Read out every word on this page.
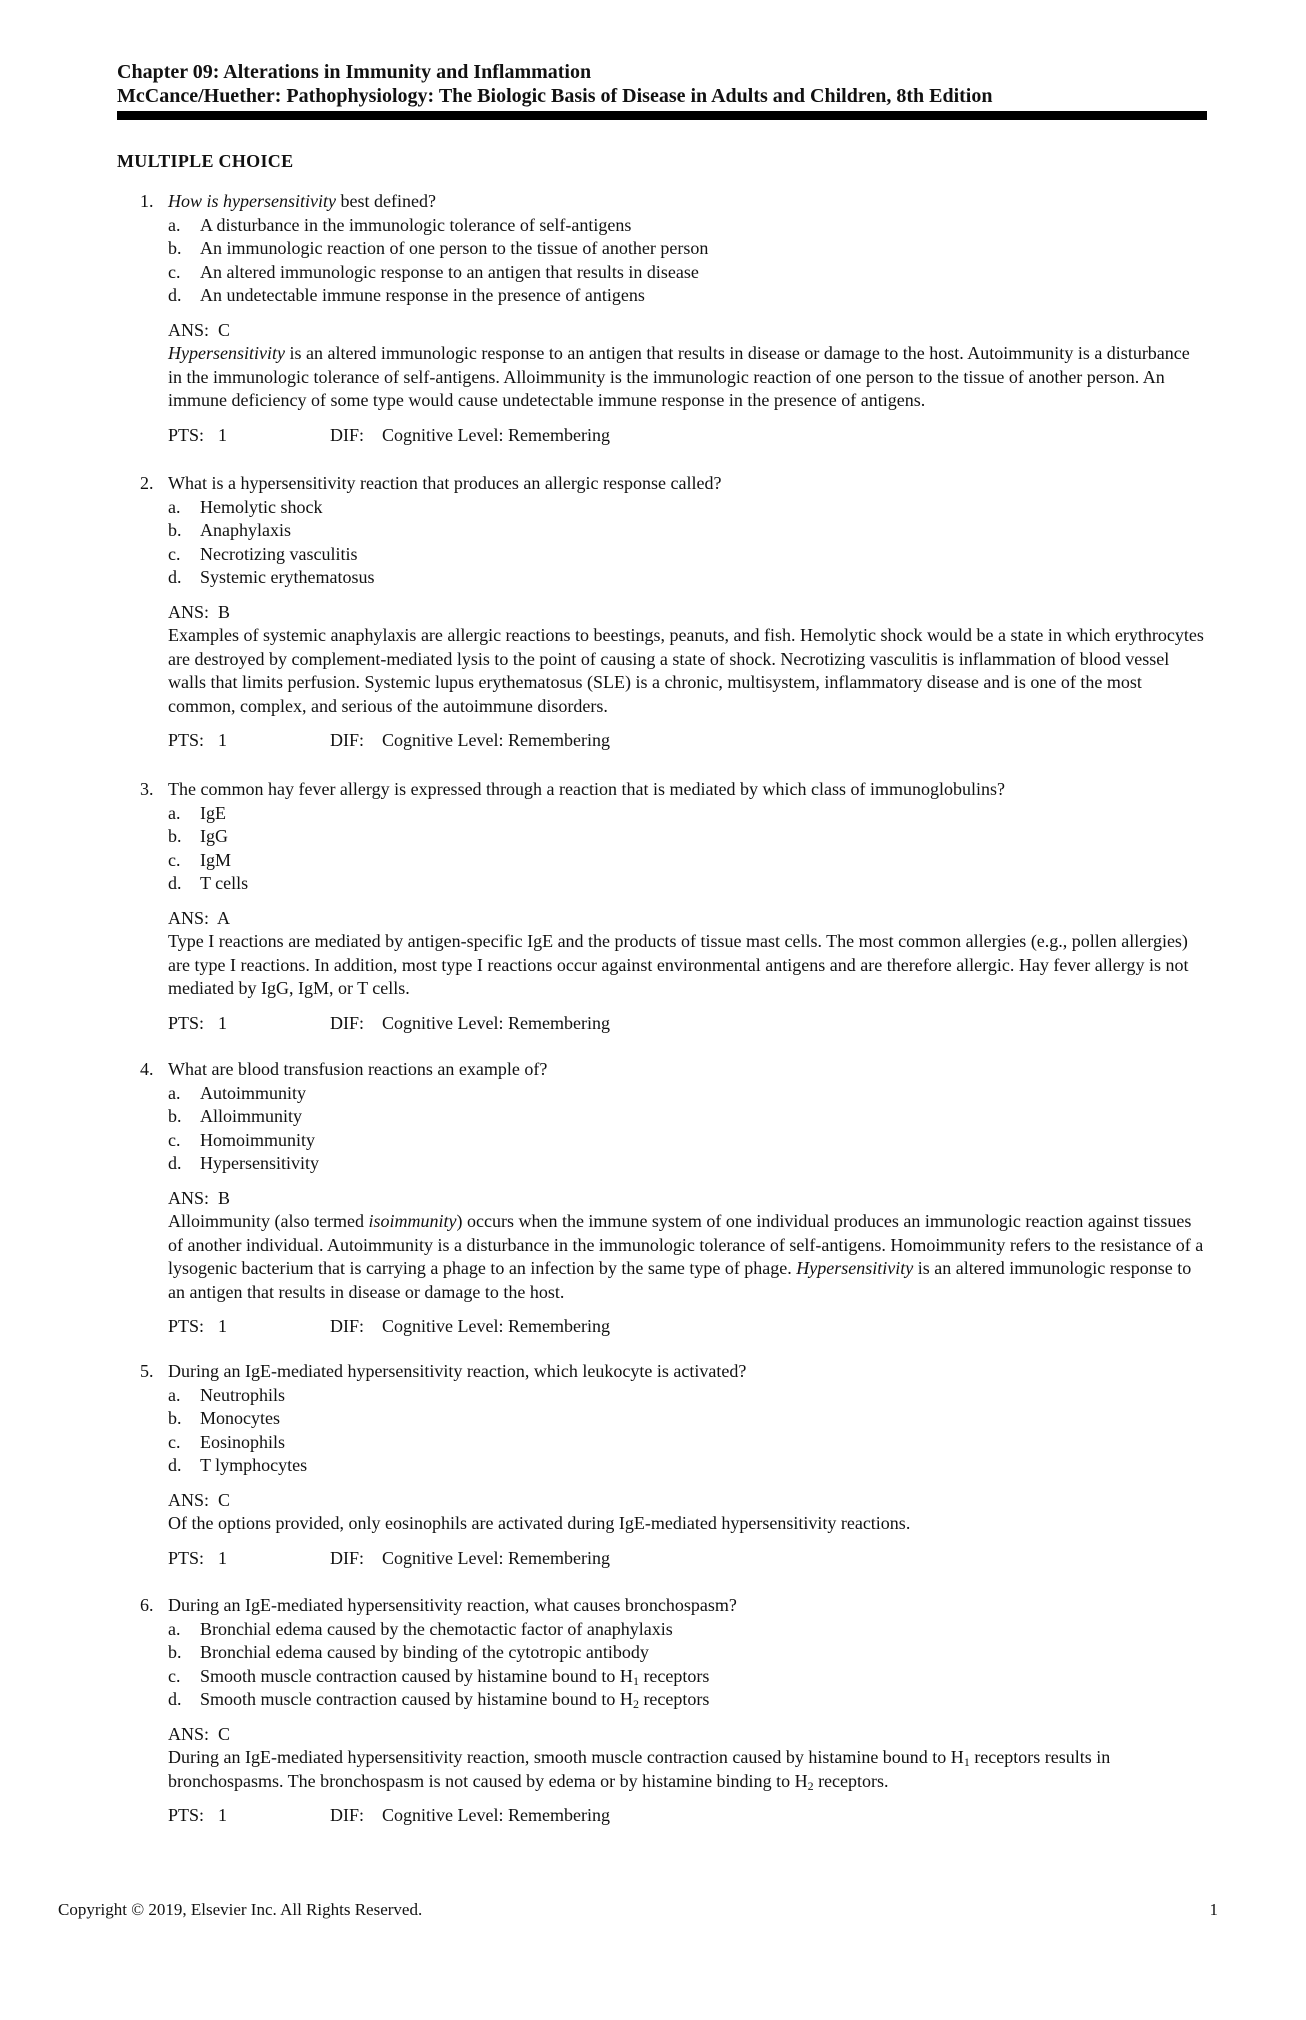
Chapter 09: Alterations in Immunity and Inflammation
McCance/Huether: Pathophysiology: The Biologic Basis of Disease in Adults and Children, 8th Edition
MULTIPLE CHOICE
1. How is hypersensitivity best defined?
a.	A disturbance in the immunologic tolerance of self-antigens
b.	An immunologic reaction of one person to the tissue of another person
c.	An altered immunologic response to an antigen that results in disease
d.	An undetectable immune response in the presence of antigens
ANS: C
Hypersensitivity is an altered immunologic response to an antigen that results in disease or damage to the host. Autoimmunity is a disturbance in the immunologic tolerance of self-antigens. Alloimmunity is the immunologic reaction of one person to the tissue of another person. An immune deficiency of some type would cause undetectable immune response in the presence of antigens.
PTS: 1	DIF: Cognitive Level: Remembering
2. What is a hypersensitivity reaction that produces an allergic response called?
a.	Hemolytic shock
b.	Anaphylaxis
c.	Necrotizing vasculitis
d.	Systemic erythematosus
ANS: B
Examples of systemic anaphylaxis are allergic reactions to beestings, peanuts, and fish. Hemolytic shock would be a state in which erythrocytes are destroyed by complement-mediated lysis to the point of causing a state of shock. Necrotizing vasculitis is inflammation of blood vessel walls that limits perfusion. Systemic lupus erythematosus (SLE) is a chronic, multisystem, inflammatory disease and is one of the most common, complex, and serious of the autoimmune disorders.
PTS: 1	DIF: Cognitive Level: Remembering
3. The common hay fever allergy is expressed through a reaction that is mediated by which class of immunoglobulins?
a.	IgE
b.	IgG
c.	IgM
d.	T cells
ANS: A
Type I reactions are mediated by antigen-specific IgE and the products of tissue mast cells. The most common allergies (e.g., pollen allergies) are type I reactions. In addition, most type I reactions occur against environmental antigens and are therefore allergic. Hay fever allergy is not mediated by IgG, IgM, or T cells.
PTS: 1	DIF: Cognitive Level: Remembering
4. What are blood transfusion reactions an example of?
a.	Autoimmunity
b.	Alloimmunity
c.	Homoimmunity
d.	Hypersensitivity
ANS: B
Alloimmunity (also termed isoimmunity) occurs when the immune system of one individual produces an immunologic reaction against tissues of another individual. Autoimmunity is a disturbance in the immunologic tolerance of self-antigens. Homoimmunity refers to the resistance of a lysogenic bacterium that is carrying a phage to an infection by the same type of phage. Hypersensitivity is an altered immunologic response to an antigen that results in disease or damage to the host.
PTS: 1	DIF: Cognitive Level: Remembering
5. During an IgE-mediated hypersensitivity reaction, which leukocyte is activated?
a.	Neutrophils
b.	Monocytes
c.	Eosinophils
d.	T lymphocytes
ANS: C
Of the options provided, only eosinophils are activated during IgE-mediated hypersensitivity reactions.
PTS: 1	DIF: Cognitive Level: Remembering
6. During an IgE-mediated hypersensitivity reaction, what causes bronchospasm?
a.	Bronchial edema caused by the chemotactic factor of anaphylaxis
b.	Bronchial edema caused by binding of the cytotropic antibody
c.	Smooth muscle contraction caused by histamine bound to $H_1$ receptors
d.	Smooth muscle contraction caused by histamine bound to $H_2$ receptors
ANS: C
During an IgE-mediated hypersensitivity reaction, smooth muscle contraction caused by histamine bound to $H_1$ receptors results in bronchospasms. The bronchospasm is not caused by edema or by histamine binding to $H_2$ receptors.
PTS: 1	DIF: Cognitive Level: Remembering
Copyright © 2019, Elsevier Inc. All Rights Reserved.	1
